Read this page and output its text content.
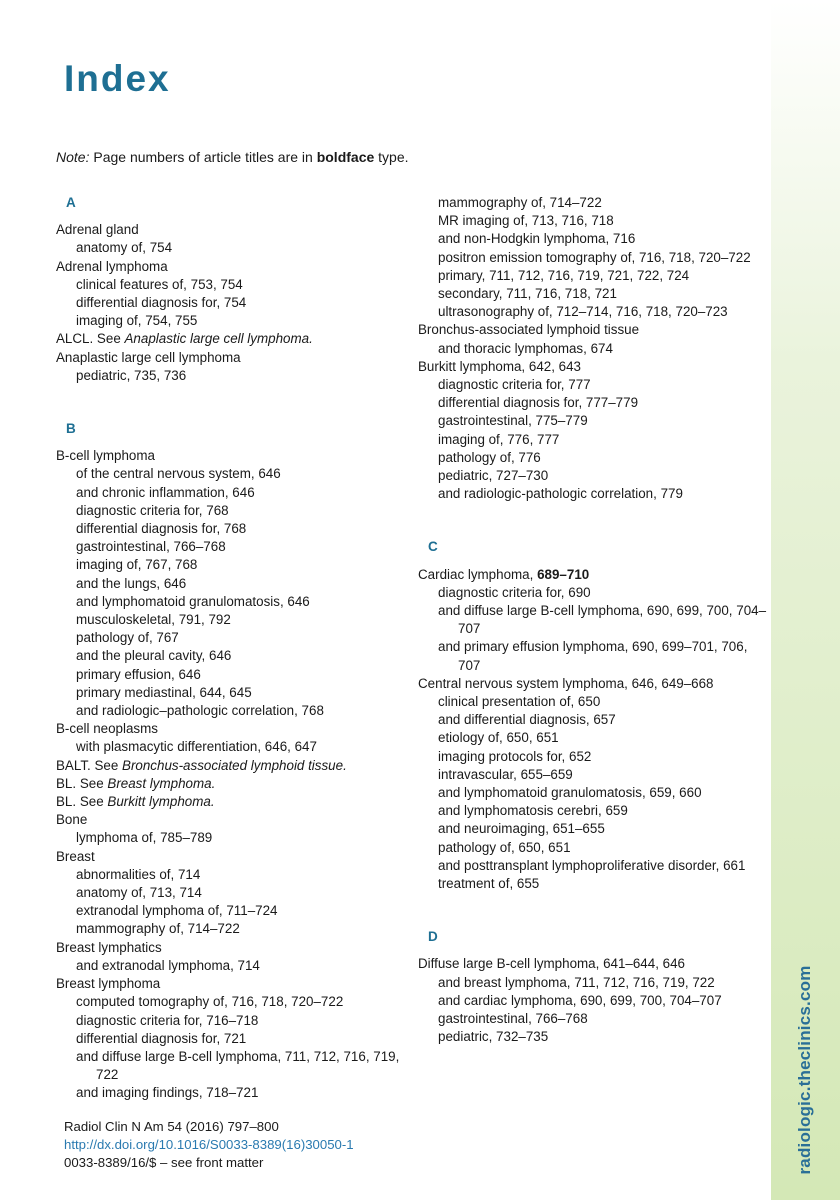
radiologic.theclinics.com
Index
Note: Page numbers of article titles are in boldface type.
A
Adrenal gland
anatomy of, 754
Adrenal lymphoma
clinical features of, 753, 754
differential diagnosis for, 754
imaging of, 754, 755
ALCL. See Anaplastic large cell lymphoma.
Anaplastic large cell lymphoma
pediatric, 735, 736
B
B-cell lymphoma
of the central nervous system, 646
and chronic inflammation, 646
diagnostic criteria for, 768
differential diagnosis for, 768
gastrointestinal, 766–768
imaging of, 767, 768
and the lungs, 646
and lymphomatoid granulomatosis, 646
musculoskeletal, 791, 792
pathology of, 767
and the pleural cavity, 646
primary effusion, 646
primary mediastinal, 644, 645
and radiologic–pathologic correlation, 768
B-cell neoplasms
with plasmacytic differentiation, 646, 647
BALT. See Bronchus-associated lymphoid tissue.
BL. See Breast lymphoma.
BL. See Burkitt lymphoma.
Bone
lymphoma of, 785–789
Breast
abnormalities of, 714
anatomy of, 713, 714
extranodal lymphoma of, 711–724
mammography of, 714–722
Breast lymphatics
and extranodal lymphoma, 714
Breast lymphoma
computed tomography of, 716, 718, 720–722
diagnostic criteria for, 716–718
differential diagnosis for, 721
and diffuse large B-cell lymphoma, 711, 712, 716, 719, 722
and imaging findings, 718–721
mammography of, 714–722
MR imaging of, 713, 716, 718
and non-Hodgkin lymphoma, 716
positron emission tomography of, 716, 718, 720–722
primary, 711, 712, 716, 719, 721, 722, 724
secondary, 711, 716, 718, 721
ultrasonography of, 712–714, 716, 718, 720–723
Bronchus-associated lymphoid tissue
and thoracic lymphomas, 674
Burkitt lymphoma, 642, 643
diagnostic criteria for, 777
differential diagnosis for, 777–779
gastrointestinal, 775–779
imaging of, 776, 777
pathology of, 776
pediatric, 727–730
and radiologic-pathologic correlation, 779
C
Cardiac lymphoma, 689–710
diagnostic criteria for, 690
and diffuse large B-cell lymphoma, 690, 699, 700, 704–707
and primary effusion lymphoma, 690, 699–701, 706, 707
Central nervous system lymphoma, 646, 649–668
clinical presentation of, 650
and differential diagnosis, 657
etiology of, 650, 651
imaging protocols for, 652
intravascular, 655–659
and lymphomatoid granulomatosis, 659, 660
and lymphomatosis cerebri, 659
and neuroimaging, 651–655
pathology of, 650, 651
and posttransplant lymphoproliferative disorder, 661
treatment of, 655
D
Diffuse large B-cell lymphoma, 641–644, 646
and breast lymphoma, 711, 712, 716, 719, 722
and cardiac lymphoma, 690, 699, 700, 704–707
gastrointestinal, 766–768
pediatric, 732–735
Radiol Clin N Am 54 (2016) 797–800
http://dx.doi.org/10.1016/S0033-8389(16)30050-1
0033-8389/16/$ – see front matter
